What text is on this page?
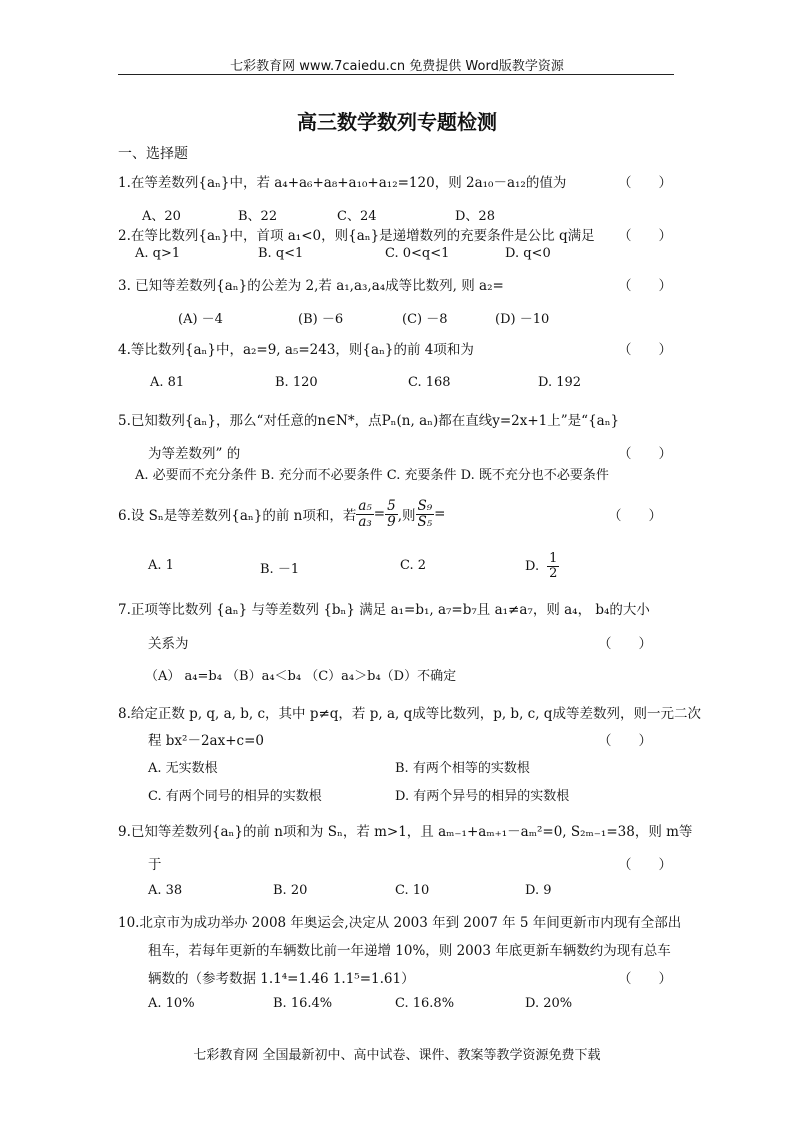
七彩教育网 www.7caiedu.cn 免费提供 Word版教学资源
高三数学数列专题检测
一、选择题
1.在等差数列{aₙ}中，若 a₄+a₆+a₈+a₁₀+a₁₂=120，则 2a₁₀－a₁₂的值为	（　　）
A、20	B、22	C、24	D、28
2.在等比数列{aₙ}中，首项 a₁<0，则{aₙ}是递增数列的充要条件是公比 q满足 （　　）
A. q>1	B. q<1	C. 0<q<1	D. q<0
3. 已知等差数列{aₙ}的公差为 2,若 a₁,a₃,a₄成等比数列, 则 a₂=	（　　）
(A) －4	(B) －6	(C) －8	(D) －10
4.等比数列{aₙ}中，a₂=9, a₅=243，则{aₙ}的前 4项和为	（　　）
A. 81	B. 120	C. 168	D. 192
5.已知数列{aₙ}，那么“对任意的n∈N*，点Pₙ(n, aₙ)都在直线y=2x+1上”是“{aₙ}
为等差数列” 的	（　　）
A. 必要而不充分条件 B. 充分而不必要条件 C. 充要条件 D. 既不充分也不必要条件
6.设 Sₙ是等差数列{aₙ}的前 n项和，若 $\frac{\text{a₅}}{\text{a₃}} = \frac{5}{9}$ ,则 $\frac{\text{S₉}}{\text{S₅}}$ =	（　　）
A. 1	B. －1	C. 2	D. $\frac{1}{2}$
7.正项等比数列 {aₙ} 与等差数列 {bₙ} 满足 a₁=b₁, a₇=b₇且 a₁≠a₇，则 a₄， b₄的大小
关系为	（　　）
（A） a₄=b₄ （B）a₄＜b₄ （C）a₄＞b₄（D）不确定
8.给定正数 p, q, a, b, c，其中 p≠q，若 p, a, q成等比数列，p, b, c, q成等差数列，则一元二次
程 bx²－2ax+c=0	（　　）
A. 无实数根	B. 有两个相等的实数根
C. 有两个同号的相异的实数根	D. 有两个异号的相异的实数根
9.已知等差数列{aₙ}的前 n项和为 Sₙ，若 m>1，且 aₘ₋₁+aₘ₊₁－aₘ²=0, S₂ₘ₋₁=38，则 m等
于	（　　）
A. 38	B. 20	C. 10	D. 9
10.北京市为成功举办 2008 年奥运会,决定从 2003 年到 2007 年 5 年间更新市内现有全部出
租车，若每年更新的车辆数比前一年递增 10%，则 2003 年底更新车辆数约为现有总车
辆数的（参考数据 1.1⁴=1.46 1.1⁵=1.61）	（　　）
A. 10%	B. 16.4%	C. 16.8%	D. 20%
七彩教育网 全国最新初中、高中试卷、课件、教案等教学资源免费下载
